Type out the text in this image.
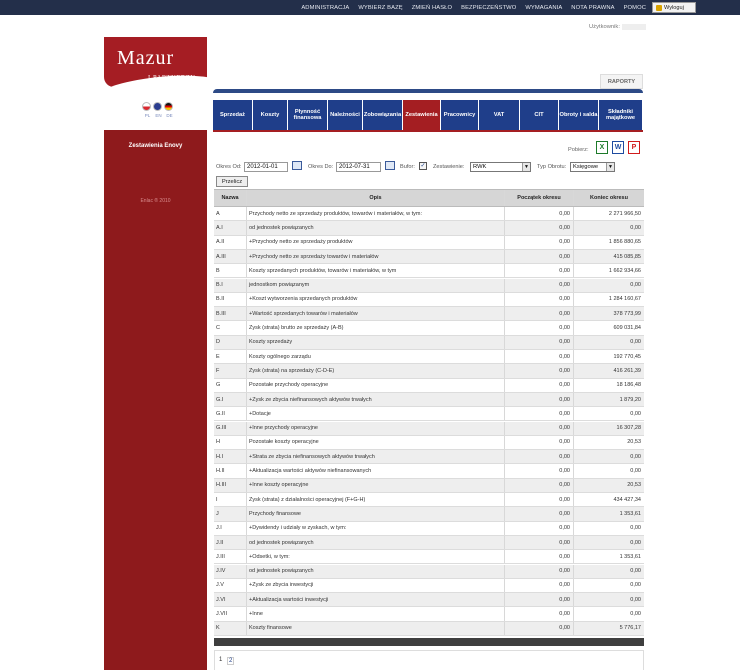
ADMINISTRACJA WYBIERZ BAZĘ ZMIEŃ HASŁO BEZPIECZEŃSTWO WYMAGANIA NOTA PRAWNA POMOC	Wyloguj
Mazur
I PARTNERZY
PL	EN	DE
Zestawienia Enovy
Enlac ® 2010
Użytkownik:
RAPORTY
Sprzedaż	Koszty	Płynność finansowa	Należności Zobowiązania Zestawienia	Pracownicy	VAT	CIT	Obroty i salda	Składniki majątkowe
Pobierz:	X	W	P
Okres Od: 2012-01-01	Okres Do: 2012-07-31	Bufor: ✓ Zestawienie: RWK	▼ Typ Obrotu: Księgowe	▼
Przelicz
Nazwa	Opis	Początek okresu	Koniec okresu
A	Przychody netto ze sprzedaży produktów, towarów i materiałów, w tym:	0,00	2 271 966,50
A.I	od jednostek powiązanych	0,00	0,00
A.II	+Przychody netto ze sprzedaży produktów	0,00	1 856 880,65
A.III	+Przychody netto ze sprzedaży towarów i materiałów	0,00	415 085,85
B	Koszty sprzedanych produktów, towarów i materiałów, w tym	0,00	1 662 934,66
B.I	jednostkom powiązanym	0,00	0,00
B.II	+Koszt wytworzenia sprzedanych produktów	0,00	1 284 160,67
B.III	+Wartość sprzedanych towarów i materiałów	0,00	378 773,99
C	Zysk (strata) brutto ze sprzedaży (A-B)	0,00	609 031,84
D	Koszty sprzedaży	0,00	0,00
E	Koszty ogólnego zarządu	0,00	192 770,45
F	Zysk (strata) na sprzedaży (C-D-E)	0,00	416 261,39
G	Pozostałe przychody operacyjne	0,00	18 186,48
G.I	+Zysk ze zbycia niefinansowych aktywów trwałych	0,00	1 879,20
G.II	+Dotacje	0,00	0,00
G.III	+Inne przychody operacyjne	0,00	16 307,28
H	Pozostałe koszty operacyjne	0,00	20,53
H.I	+Strata ze zbycia niefinansowych aktywów trwałych	0,00	0,00
H.II	+Aktualizacja wartości aktywów niefinansowanych	0,00	0,00
H.III	+Inne koszty operacyjne	0,00	20,53
I	Zysk (strata) z działalności operacyjnej (F+G-H)	0,00	434 427,34
J	Przychody finansowe	0,00	1 353,61
J.I	+Dywidendy i udziały w zyskach, w tym:	0,00	0,00
J.II	od jednostek powiązanych	0,00	0,00
J.III	+Odsetki, w tym:	0,00	1 353,61
J.IV	od jednostek powiązanych	0,00	0,00
J.V	+Zysk ze zbycia inwestycji	0,00	0,00
J.VI	+Aktualizacja wartości inwestycji	0,00	0,00
J.VII	+Inne	0,00	0,00
K	Koszty finansowe	0,00	5 776,17
1	2
